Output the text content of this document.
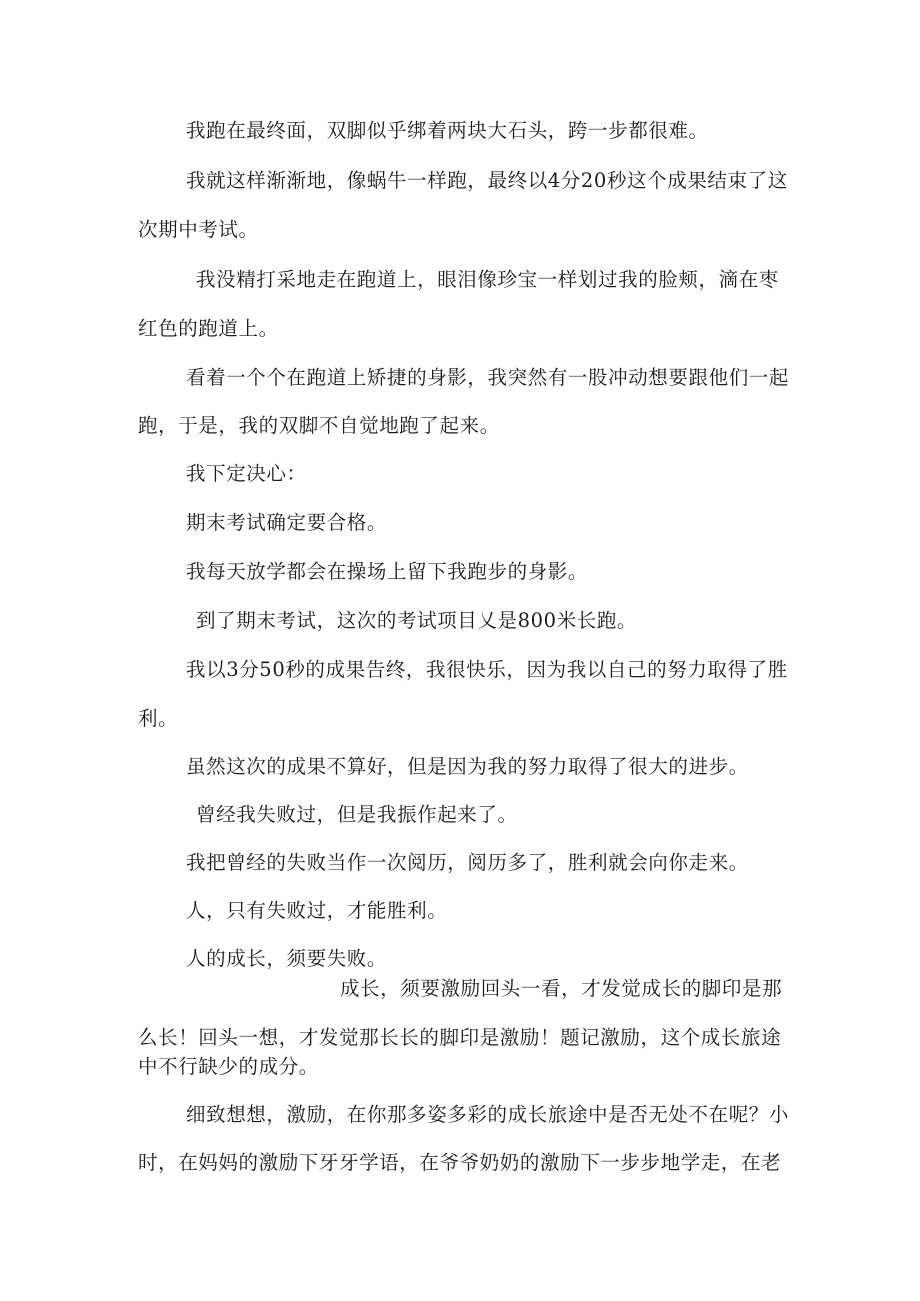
我跑在最终面，双脚似乎绑着两块大石头，跨一步都很难。
我就这样渐渐地，像蜗牛一样跑，最终以4分20秒这个成果结束了这
次期中考试。
我没精打采地走在跑道上，眼泪像珍宝一样划过我的脸颊，滴在枣
红色的跑道上。
看着一个个在跑道上矫捷的身影，我突然有一股冲动想要跟他们一起
跑，于是，我的双脚不自觉地跑了起来。
我下定决心：
期末考试确定要合格。
我每天放学都会在操场上留下我跑步的身影。
到了期末考试，这次的考试项目乂是800米长跑。
我以3分50秒的成果告终，我很快乐，因为我以自己的努力取得了胜
利。
虽然这次的成果不算好，但是因为我的努力取得了很大的进步。
曾经我失败过，但是我振作起来了。
我把曾经的失败当作一次阅历，阅历多了，胜利就会向你走来。
人，只有失败过，才能胜利。
人的成长，须要失败。
成长，须要激励回头一看，才发觉成长的脚印是那
么长！回头一想，才发觉那长长的脚印是激励！题记激励，这个成长旅途
中不行缺少的成分。
细致想想，激励，在你那多姿多彩的成长旅途中是否无处不在呢？小
时，在妈妈的激励下牙牙学语，在爷爷奶奶的激励下一步步地学走，在老
